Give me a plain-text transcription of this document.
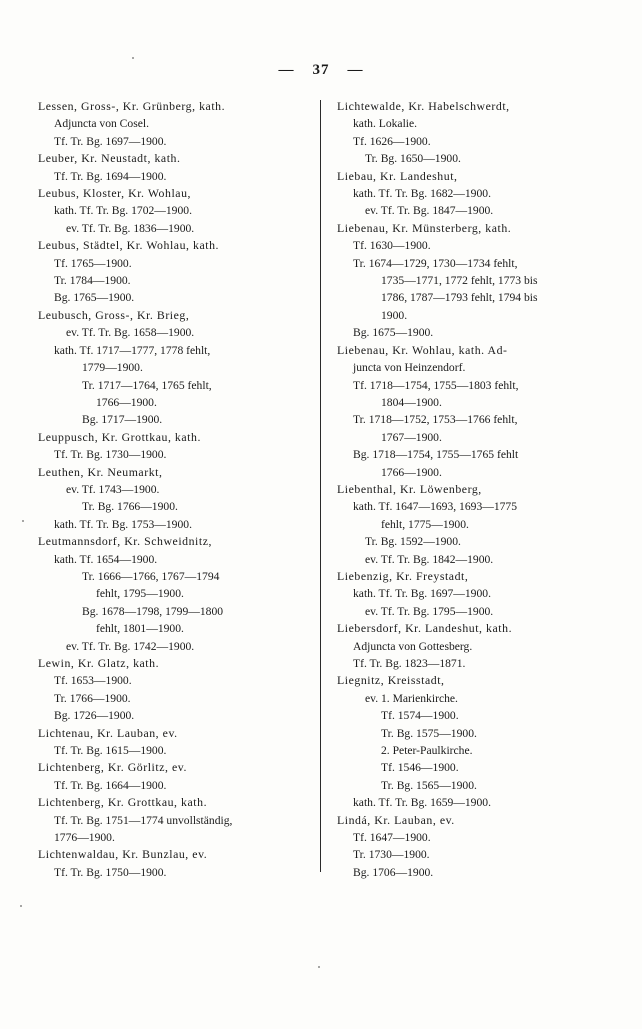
— 37 —
Lessen, Gross-, Kr. Grünberg, kath.
Adjuncta von Cosel.
Tf. Tr. Bg. 1697—1900.
Leuber, Kr. Neustadt, kath.
Tf. Tr. Bg. 1694—1900.
Leubus, Kloster, Kr. Wohlau,
kath. Tf. Tr. Bg. 1702—1900.
ev. Tf. Tr. Bg. 1836—1900.
Leubus, Städtel, Kr. Wohlau, kath.
Tf. 1765—1900.
Tr. 1784—1900.
Bg. 1765—1900.
Leubusch, Gross-, Kr. Brieg,
ev. Tf. Tr. Bg. 1658—1900.
kath. Tf. 1717—1777, 1778 fehlt,
1779—1900.
Tr. 1717—1764, 1765 fehlt,
1766—1900.
Bg. 1717—1900.
Leuppusch, Kr. Grottkau, kath.
Tf. Tr. Bg. 1730—1900.
Leuthen, Kr. Neumarkt,
ev. Tf. 1743—1900.
Tr. Bg. 1766—1900.
kath. Tf. Tr. Bg. 1753—1900.
Leutmannsdorf, Kr. Schweidnitz,
kath. Tf. 1654—1900.
Tr. 1666—1766, 1767—1794
fehlt, 1795—1900.
Bg. 1678—1798, 1799—1800
fehlt, 1801—1900.
ev. Tf. Tr. Bg. 1742—1900.
Lewin, Kr. Glatz, kath.
Tf. 1653—1900.
Tr. 1766—1900.
Bg. 1726—1900.
Lichtenau, Kr. Lauban, ev.
Tf. Tr. Bg. 1615—1900.
Lichtenberg, Kr. Görlitz, ev.
Tf. Tr. Bg. 1664—1900.
Lichtenberg, Kr. Grottkau, kath.
Tf. Tr. Bg. 1751—1774 unvollständig,
1776—1900.
Lichtenwaldau, Kr. Bunzlau, ev.
Tf. Tr. Bg. 1750—1900.
Lichtewalde, Kr. Habelschwerdt,
kath. Lokalie.
Tf. 1626—1900.
Tr. Bg. 1650—1900.
Liebau, Kr. Landeshut,
kath. Tf. Tr. Bg. 1682—1900.
ev. Tf. Tr. Bg. 1847—1900.
Liebenau, Kr. Münsterberg, kath.
Tf. 1630—1900.
Tr. 1674—1729, 1730—1734 fehlt,
1735—1771, 1772 fehlt, 1773 bis
1786, 1787—1793 fehlt, 1794 bis
1900.
Bg. 1675—1900.
Liebenau, Kr. Wohlau, kath. Ad-
juncta von Heinzendorf.
Tf. 1718—1754, 1755—1803 fehlt,
1804—1900.
Tr. 1718—1752, 1753—1766 fehlt,
1767—1900.
Bg. 1718—1754, 1755—1765 fehlt
1766—1900.
Liebenthal, Kr. Löwenberg,
kath. Tf. 1647—1693, 1693—1775
fehlt, 1775—1900.
Tr. Bg. 1592—1900.
ev. Tf. Tr. Bg. 1842—1900.
Liebenzig, Kr. Freystadt,
kath. Tf. Tr. Bg. 1697—1900.
ev. Tf. Tr. Bg. 1795—1900.
Liebersdorf, Kr. Landeshut, kath.
Adjuncta von Gottesberg.
Tf. Tr. Bg. 1823—1871.
Liegnitz, Kreisstadt,
ev. 1. Marienkirche.
Tf. 1574—1900.
Tr. Bg. 1575—1900.
2. Peter-Paulkirche.
Tf. 1546—1900.
Tr. Bg. 1565—1900.
kath. Tf. Tr. Bg. 1659—1900.
Lindá, Kr. Lauban, ev.
Tf. 1647—1900.
Tr. 1730—1900.
Bg. 1706—1900.
